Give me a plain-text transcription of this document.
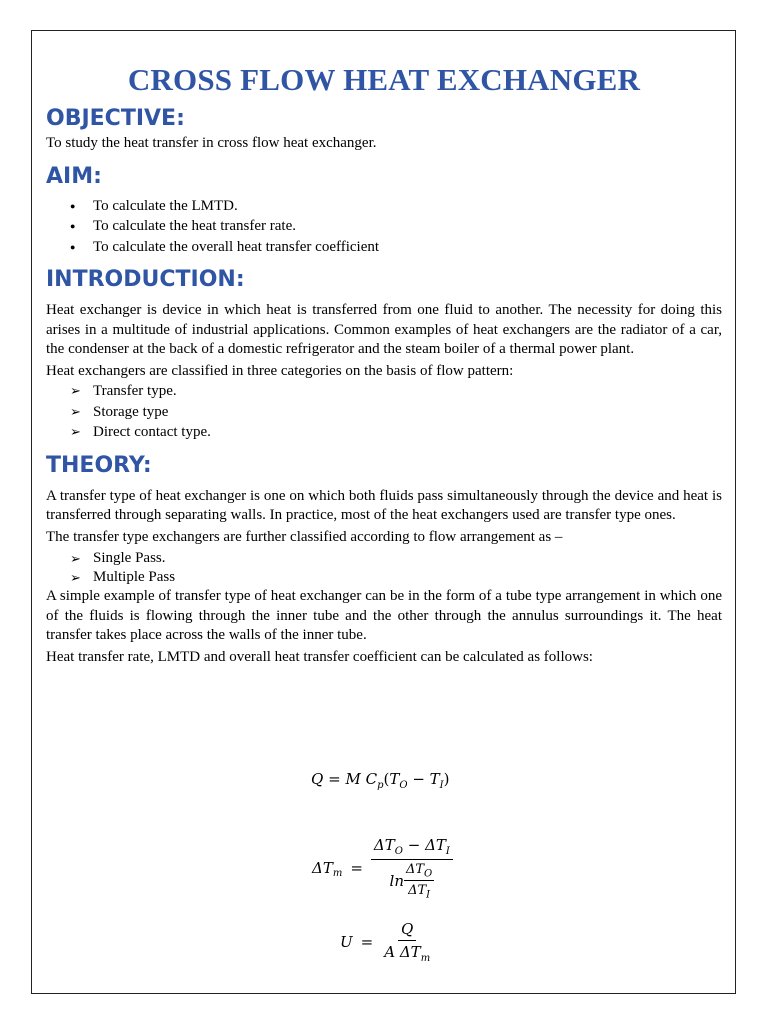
CROSS FLOW HEAT EXCHANGER
OBJECTIVE:

To study the heat transfer in cross flow heat exchanger.

AIM:
● To calculate the LMTD.
● To calculate the heat transfer rate.
● To calculate the overall heat transfer coefficient
INTRODUCTION:

Heat exchanger is device in which heat is transferred from one fluid to another. The necessity for doing this arises in a multitude of industrial applications. Common examples of heat exchangers are the radiator of a car, the condenser at the back of a domestic refrigerator and the steam boiler of a thermal power plant.

Heat exchangers are classified in three categories on the basis of flow pattern:

➢ Transfer type.
➢ Storage type
➢ Direct contact type.
THEORY:

A transfer type of heat exchanger is one on which both fluids pass simultaneously through the device and heat is transferred through separating walls. In practice, most of the heat exchangers used are transfer type ones.

The transfer type exchangers are further classified according to flow arrangement as –

➢ Single Pass.
➢ Multiple Pass

A simple example of transfer type of heat exchanger can be in the form of a tube type arrangement in which one of the fluids is flowing through the inner tube and the other through the annulus surroundings it. The heat transfer takes place across the walls of the inner tube.

Heat transfer rate, LMTD and overall heat transfer coefficient can be calculated as follows:

Q = M $C_p(T_O - T_I)$
$\Delta T_m = \frac{\Delta T_O - \Delta T_I}{\ln \frac{\Delta T_O}{\Delta T_I}}$
$U = \frac{Q}{A \Delta T_m}$
